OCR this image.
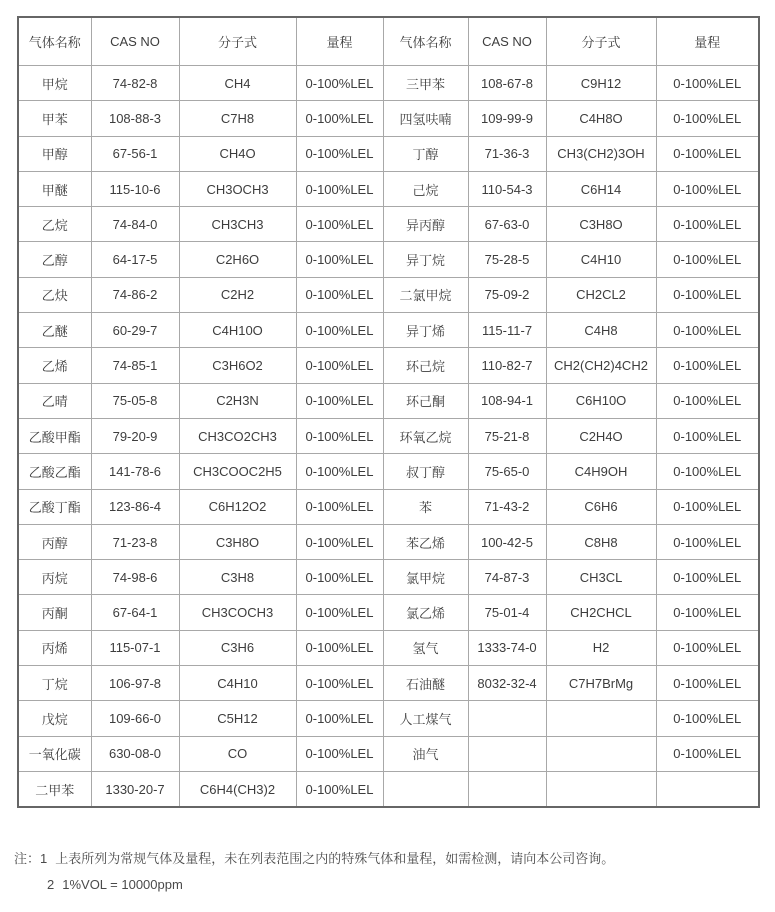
气体名称	CAS NO	分子式	量程	气体名称	CAS NO	分子式	量程
甲烷	74-82-8	CH4	0-100%LEL	三甲苯	108-67-8	C9H12	0-100%LEL
甲苯	108-88-3	C7H8	0-100%LEL	四氢呋喃	109-99-9	C4H8O	0-100%LEL
甲醇	67-56-1	CH4O	0-100%LEL	丁醇	71-36-3	CH3(CH2)3OH	0-100%LEL
甲醚	115-10-6	CH3OCH3	0-100%LEL	己烷	110-54-3	C6H14	0-100%LEL
乙烷	74-84-0	CH3CH3	0-100%LEL	异丙醇	67-63-0	C3H8O	0-100%LEL
乙醇	64-17-5	C2H6O	0-100%LEL	异丁烷	75-28-5	C4H10	0-100%LEL
乙炔	74-86-2	C2H2	0-100%LEL	二氯甲烷	75-09-2	CH2CL2	0-100%LEL
乙醚	60-29-7	C4H10O	0-100%LEL	异丁烯	115-11-7	C4H8	0-100%LEL
乙烯	74-85-1	C3H6O2	0-100%LEL	环己烷	110-82-7	CH2(CH2)4CH2	0-100%LEL
乙晴	75-05-8	C2H3N	0-100%LEL	环己酮	108-94-1	C6H10O	0-100%LEL
乙酸甲酯	79-20-9	CH3CO2CH3	0-100%LEL	环氧乙烷	75-21-8	C2H4O	0-100%LEL
乙酸乙酯	141-78-6	CH3COOC2H5	0-100%LEL	叔丁醇	75-65-0	C4H9OH	0-100%LEL
乙酸丁酯	123-86-4	C6H12O2	0-100%LEL	苯	71-43-2	C6H6	0-100%LEL
丙醇	71-23-8	C3H8O	0-100%LEL	苯乙烯	100-42-5	C8H8	0-100%LEL
丙烷	74-98-6	C3H8	0-100%LEL	氯甲烷	74-87-3	CH3CL	0-100%LEL
丙酮	67-64-1	CH3COCH3	0-100%LEL	氯乙烯	75-01-4	CH2CHCL	0-100%LEL
丙烯	115-07-1	C3H6	0-100%LEL	氢气	1333-74-0	H2	0-100%LEL
丁烷	106-97-8	C4H10	0-100%LEL	石油醚	8032-32-4	C7H7BrMg	0-100%LEL
戊烷	109-66-0	C5H12	0-100%LEL	人工煤气			0-100%LEL
一氧化碳	630-08-0	CO	0-100%LEL	油气			0-100%LEL
二甲苯	1330-20-7	C6H4(CH3)2	0-100%LEL				
注：1 上表所列为常规气体及量程，未在列表范围之内的特殊气体和量程，如需检测，请向本公司咨询。
2 1%VOL = 10000ppm
